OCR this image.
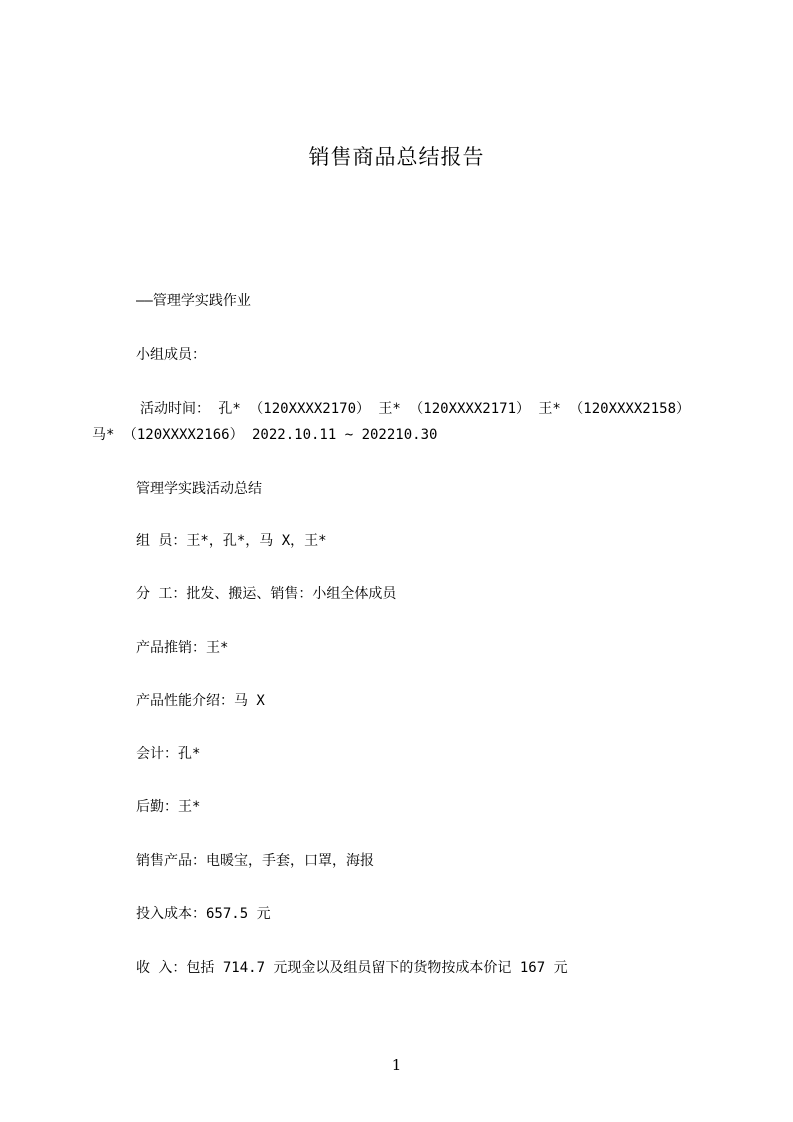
销售商品总结报告
——管理学实践作业
小组成员：
活动时间： 孔* （120XXXX2170） 王* （120XXXX2171） 王* （120XXXX2158）
马* （120XXXX2166） 2022.10.11 ~ 202210.30
管理学实践活动总结
组 员：王*，孔*，马 X，王*
分 工：批发、搬运、销售：小组全体成员
产品推销：王*
产品性能介绍：马 X
会计：孔*
后勤：王*
销售产品：电暖宝，手套，口罩，海报
投入成本：657.5 元
收 入：包括 714.7 元现金以及组员留下的货物按成本价记 167 元
1
